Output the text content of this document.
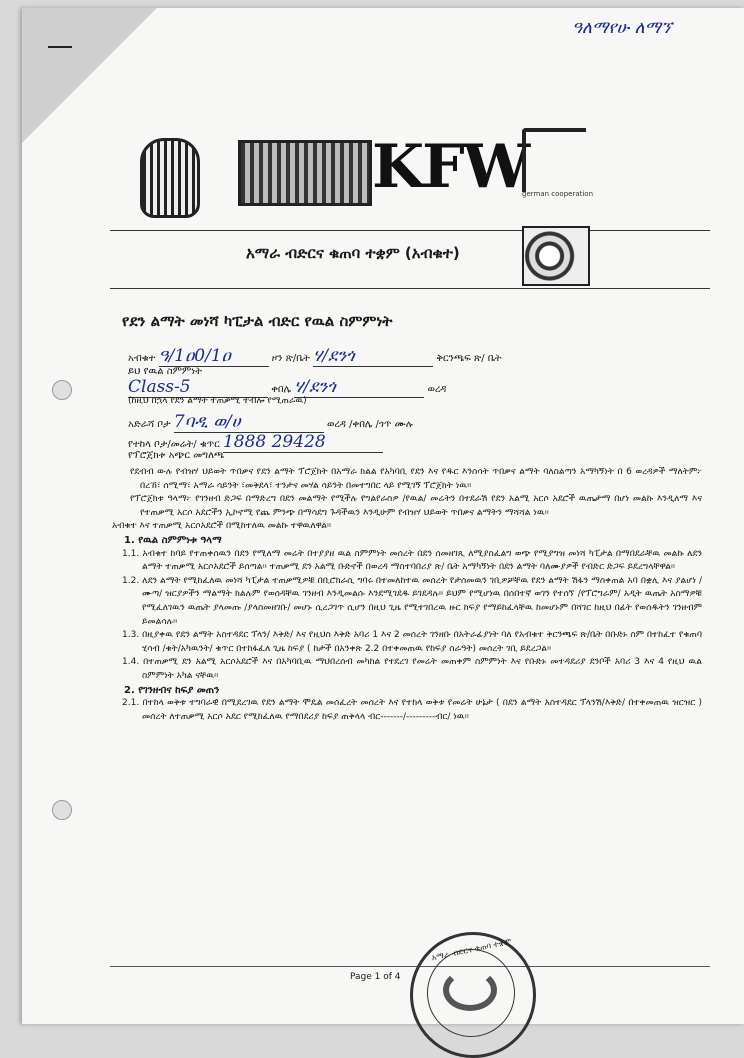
ዓለማየሁ ለማኘ
KFW
german cooperation
አማራ ብድርና ቁጠባ ተቋም (አብቁተ)
የደን ልማት መነሻ ካፒታል ብድር የዉል ስምምነት
አብቁተ ዓ/1ዐ0/1ዐ	ዞን ጽ/ቤት ሃ/ደንጎ	ቅርንጫፍ ጽ/ ቤት
ይህ የዉል ስምምነት
Class-5	ቀበሌ ሃ/ደንጎ	ወረዳ
(ከዚህ በኋላ የደን ልማት ተጠቃሚ ተብሎ የሚጠራዉ)
አድራሻ ቦታ 7ባዲ ወ/ሀ	ወረዳ /ቀበሌ /ጎጥ ሙሉ
የተከላ ቦታ/መሬት/ ቁጥር 1888 29428
የፕሮጀክቱ አጭር መግለጫ

የደብብ ውሉ የብዝሃ ህይወት ጥበቃና የደን ልማት ፕሮጀክት በአማራ ክልል የአካባቢ የደን እና የዱር እንስሳት ጥበቃና ልማት ባለስልጣን አማካኝነት በ 6 ወረዳዎች ማለትም፦ በረኸ፣ ሰሚማ፣ አማራ ሳይንት ፣መቅደላ፣ ተንታና መሃል ሳይንት በመተግበር ላይ የሚገኝ ፕሮጀክት ነዉ፡፡

የፕሮጀክቱ ዓላማ፦ የገንዘብ ድጋፍ በማድረግ በደን መልማት የሚችሉ የግልየራስዎ /የዉል/ መሬትን በተደራሽ የደን አልሚ አርሶ አደሮች ዉጤታማ በሆነ መልኩ እንዲለማ እና የተጠቃሚ አርሶ አደሮችን ኢኮኖሚ የጨ ምንጭ በማሳደግ ጉዳችዉን እንዲሁም የብዝሃ ህይወት ጥበቃና ልማትን ማሻሻል ነዉ፡፡

አብቁተ እና ተጠቃሚ አርሶአደሮች በሚከተለዉ መልኩ ተዋዉለዋል፡፡

1. የዉል ስምምነቱ ዓላማ

1.1. አብቁተ ከባይ የተጠቀሰዉን በደን የሚለማ መሬት በተያያዘ ዉል ስምምነት መሰረት በደን ሰመዘገጺ ለሚያስፈልግ ወጭ የሚያግዝ መነሻ ካፒታል በማበደራቸዉ መልኩ ለደን ልማት ተጠቃሚ አርሶአደሮች ይሰጣል፡፡ ተጠቃሚ ደን አልሚ ቡድኖች በወረዳ ማስተባበሪያ ጽ/ ቤት አማካኝነት በደን ልማት ባለሙያዎች የብድር ድጋፍ ይደረግላቸዋል፡፡

1.2. ለደን ልማት የሚከፈለዉ መነሻ ካፒታል ተጠቃሚዎቹ በቢሮክራሲ ግባሩ በተመለከተዉ መሰረት የታሰመዉን ገቢዎቻቸዉ የደን ልማት ሽፋን ማስቀጠል አባ በቋሊ እና ያልሆነ /ሙጣ/ ዝርያዎችን ማልማት ክልሉም የወሰዳቸዉ ገንዘብ እንዲመልሱ እንደሚገደዱ ይገደዳሉ፡፡ ይህም የሚሆነዉ በሰበተኛ ወገን የተሰኘ /የፕሮግራም/ አዲት ዉጤት አስማዎቹ የሚፈለገዉን ዉጤት ያላመጡ /ያላስመዘገቡ/ መሆኑ ሲረጋገጥ ሲሆን በዚህ ጊዜ የሚተገበረዉ ዙር ከፍያ የማይከፈላቸዉ ከመሆኑም በሻገር ከዚህ በፊት የወሰዱትን ገንዘብም ይመልሳሉ፡፡

1.3. በዚያቀዉ የደን ልማት አስተዳደር ፕላን/ እቅድ/ እና የዚህስ እቅድ አባሪ 1 እና 2 መሰረት ገንዘቡ በአትራፊያነት ባለ የአብቁተ ቅርንጫፍ ጽ/ቤት በቡድኑ ስም በተከፈተ የቁጠባ ሂሳብ /ቁት/አካዉንት/ ቁጥር በተከፋፈለ ጊዜ ከፍያ ( ከታች በአንቀጽ 2.2 በተቀመጠዉ የከፍያ ስራዓት) መሰረት ገቢ ይደረጋል፡፡

1.4. በተጠቃሚ ደን አልሚ አርሶአደሮች እና በአካባቢዉ ማህበረሰብ መካከል የተደረገ የመሬት መጠቀም ስምምነት እና የቡድኑ መተዳደሪያ ደንቦች አባሪ 3 እና 4 የዚህ ዉል ስምምነት አካል ናቸዉ፡፡

2. የገንዘብና ከፍያ መጠን

2.1. በተከላ ወቅቱ ተግባራዊ በሚደረገዉ የደን ልማት ሞዴል መሰፈረት መሰረት እና የተከላ ወቅቱ የመሬት ሁኔታ ( በደን ልማት አስተዳደር ፕላንሽ/እቅድ/ በተቀመጠዉ ዝርዝር ) መሰረት ለተጠቃሚ አርሶ አደር የሚከፈለዉ የማበደሪያ ከፍያ ጠቅላላ ብር-------/---------ብር/ ነዉ፡፡

Page 1 of 4
አማራ ብድርና ቁጠባ ተቋም
